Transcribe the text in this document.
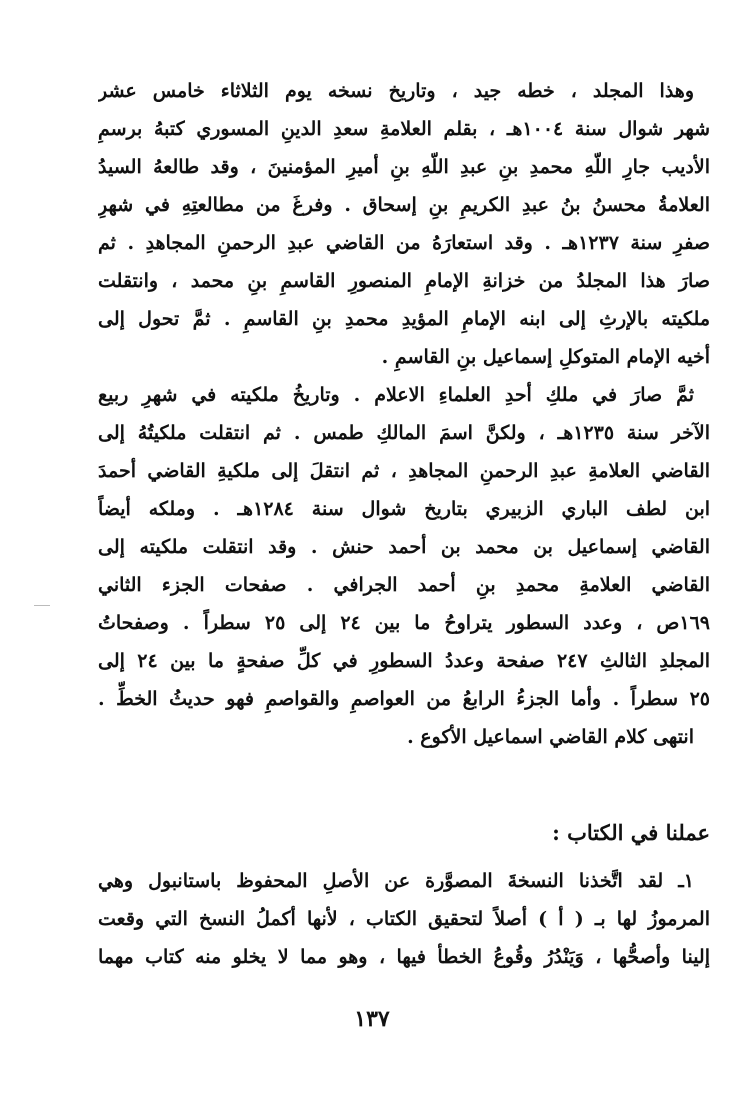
وهذا المجلد ، خطه جيد ، وتاريخ نسخه يوم الثلاثاء خامس عشر
شهر شوال سنة ١٠٠٤هـ ، بقلم العلامةِ سعدِ الدينِ المسوري كتبهُ برسمِ
الأديب جارِ اللّهِ محمدِ بنِ عبدِ اللّهِ بنِ أميرِ المؤمنينَ ، وقد طالعهُ السيدُ
العلامةُ محسنُ بنُ عبدِ الكريمِ بنِ إسحاق . وفرغَ من مطالعتِهِ في شهرِ
صفرِ سنة ١٢٣٧هـ . وقد استعارَهُ من القاضي عبدِ الرحمنِ المجاهدِ . ثم
صارَ هذا المجلدُ من خزانةِ الإمامِ المنصورِ القاسمِ بنِ محمد ، وانتقلت
ملكيته بالإرثِ إلى ابنه الإمامِ المؤيدِ محمدِ بنِ القاسمِ . ثمَّ تحول إلى
أخيه الإمام المتوكلِ إسماعيل بنِ القاسمِ .
ثمَّ صارَ في ملكِ أحدِ العلماءِ الاعلام . وتاريخُ ملكيته في شهرِ ربيع
الآخر سنة ١٢٣٥هـ ، ولكنَّ اسمَ المالكِ طمس . ثم انتقلت ملكيتُهُ إلى
القاضي العلامةِ عبدِ الرحمنِ المجاهدِ ، ثم انتقلَ إلى ملكيةِ القاضي أحمدَ
ابن لطف الباري الزبيري بتاريخ شوال سنة ١٢٨٤هـ . وملكه أيضاً
القاضي إسماعيل بن محمد بن أحمد حنش . وقد انتقلت ملكيته إلى
القاضي العلامةِ محمدِ بنِ أحمد الجرافي . صفحات الجزء الثاني
١٦٩ص ، وعدد السطور يتراوحُ ما بين ٢٤ إلى ٢٥ سطراً . وصفحاتُ
المجلدِ الثالثِ ٢٤٧ صفحة وعددُ السطورِ في كلِّ صفحةٍ ما بين ٢٤ إلى
٢٥ سطراً . وأما الجزءُ الرابعُ من العواصمِ والقواصمِ فهو حديثُ الخطِّ .
انتهى كلام القاضي اسماعيل الأكوع .
عملنا في الكتاب :
١ـ لقد اتَّخذنا النسخةَ المصوَّرة عن الأصلِ المحفوظ باستانبول وهي
المرموزُ لها بـ ( أ ) أصلاً لتحقيق الكتاب ، لأنها أكملُ النسخ التي وقعت
إلينا وأصحُّها ، وَيَنْدُرُ وقُوعُ الخطأ فيها ، وهو مما لا يخلو منه كتاب مهما
١٣٧
